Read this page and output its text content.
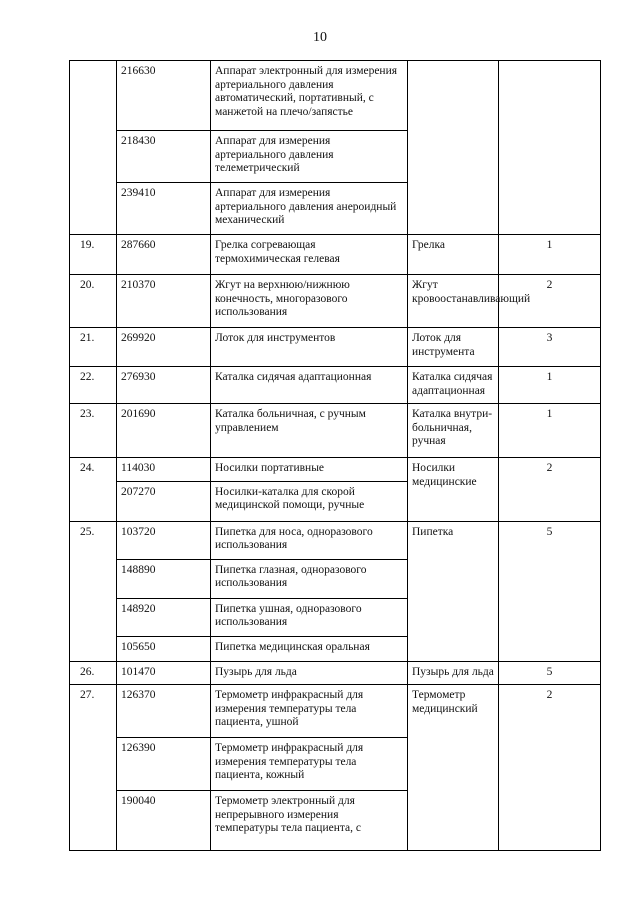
10
	216630	Аппарат электронный для измерения артериального давления автоматический, портативный, с манжетой на плечо/запястье		
	218430	Аппарат для измерения артериального давления телеметрический		
	239410	Аппарат для измерения артериального давления анероидный механический		
19.	287660	Грелка согревающая термохимическая гелевая	Грелка	1
20.	210370	Жгут на верхнюю/нижнюю конечность, многоразового использования	Жгут кровоостанавливающий	2
21.	269920	Лоток для инструментов	Лоток для инструмента	3
22.	276930	Каталка сидячая адаптационная	Каталка сидячая адаптационная	1
23.	201690	Каталка больничная, с ручным управлением	Каталка внутри-больничная, ручная	1
24.	114030	Носилки портативные	Носилки медицинские	2
	207270	Носилки-каталка для скорой медицинской помощи, ручные		
25.	103720	Пипетка для носа, одноразового использования	Пипетка	5
	148890	Пипетка глазная, одноразового использования		
	148920	Пипетка ушная, одноразового использования		
	105650	Пипетка медицинская оральная		
26.	101470	Пузырь для льда	Пузырь для льда	5
27.	126370	Термометр инфракрасный для измерения температуры тела пациента, ушной	Термометр медицинский	2
	126390	Термометр инфракрасный для измерения температуры тела пациента, кожный		
	190040	Термометр электронный для непрерывного измерения температуры тела пациента, с		
